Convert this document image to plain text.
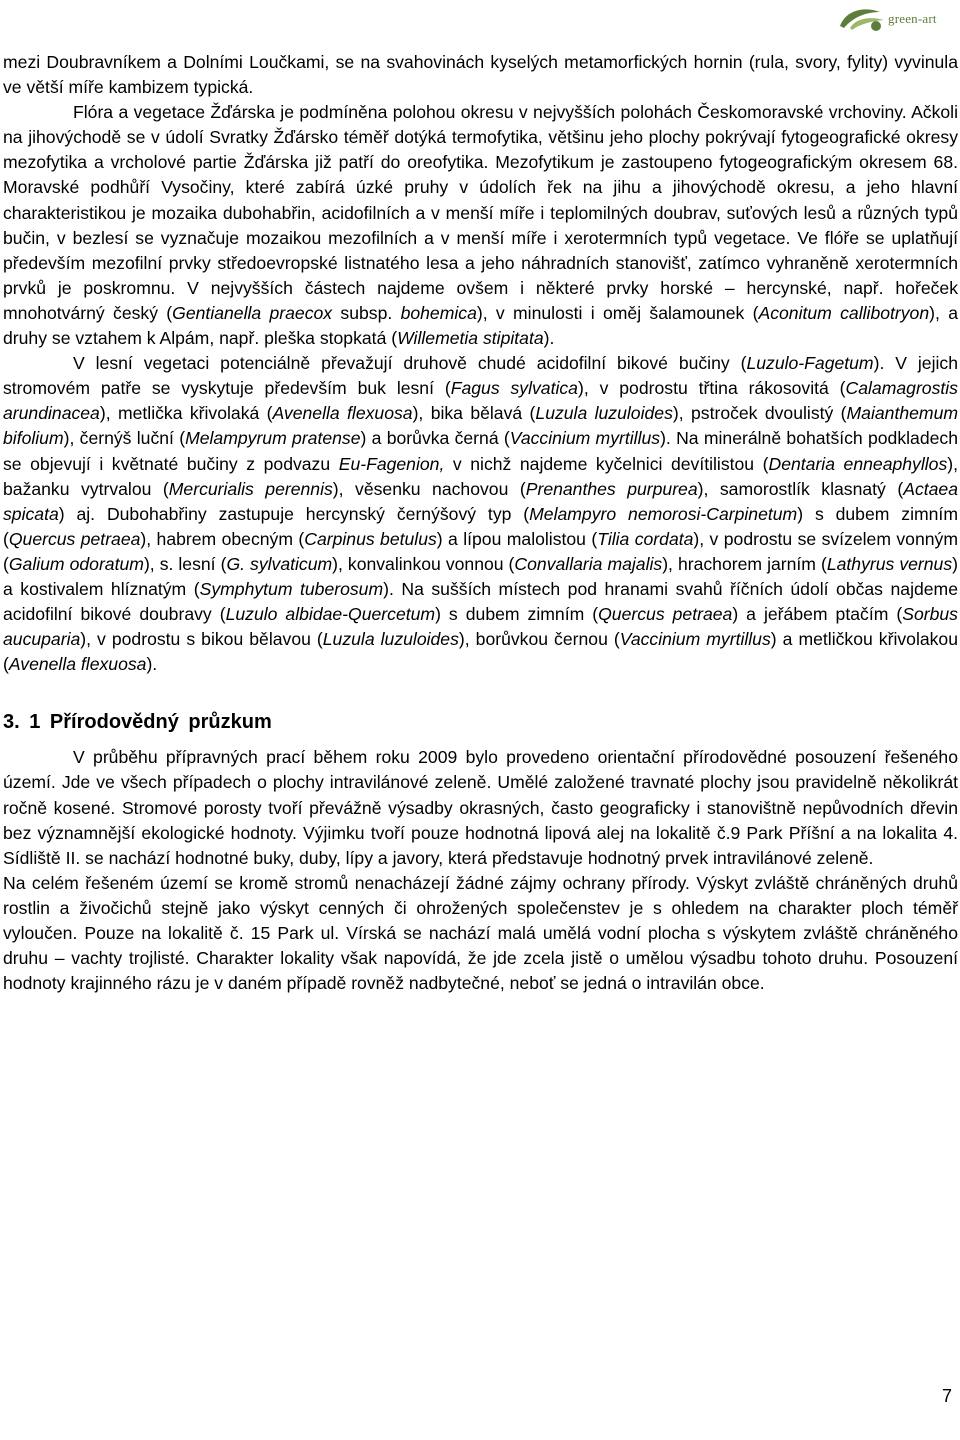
green-art

mezi Doubravníkem a Dolními Loučkami, se na svahovinách kyselých metamorfických hornin (rula, svory, fylity) vyvinula ve větší míře kambizem typická.

Flóra a vegetace Žďárska je podmíněna polohou okresu v nejvyšších polohách Českomoravské vrchoviny. Ačkoli na jihovýchodě se v údolí Svratky Žďársko téměř dotýká termofytika, většinu jeho plochy pokrývají fytogeografické okresy mezofytika a vrcholové partie Žďárska již patří do oreofytika. Mezofytikum je zastoupeno fytogeografickým okresem 68. Moravské podhůří Vysočiny, které zabírá úzké pruhy v údolích řek na jihu a jihovýchodě okresu, a jeho hlavní charakteristikou je mozaika dubohabřin, acidofilních a v menší míře i teplomilných doubrav, suťových lesů a různých typů bučin, v bezlesí se vyznačuje mozaikou mezofilních a v menší míře i xerotermních typů vegetace. Ve flóře se uplatňují především mezofilní prvky středoevropské listnatého lesa a jeho náhradních stanovišť, zatímco vyhraněně xerotermních prvků je poskromnu. V nejvyšších částech najdeme ovšem i některé prvky horské – hercynské, např. hořeček mnohotvárný český (Gentianella praecox subsp. bohemica), v minulosti i oměj šalamounek (Aconitum callibotryon), a druhy se vztahem k Alpám, např. pleška stopkatá (Willemetia stipitata).

V lesní vegetaci potenciálně převažují druhově chudé acidofilní bikové bučiny (Luzulo-Fagetum). V jejich stromovém patře se vyskytuje především buk lesní (Fagus sylvatica), v podrostu třtina rákosovitá (Calamagrostis arundinacea), metlička křivolaká (Avenella flexuosa), bika bělavá (Luzula luzuloides), pstroček dvoulistý (Maianthemum bifolium), černýš luční (Melampyrum pratense) a borůvka černá (Vaccinium myrtillus). Na minerálně bohatších podkladech se objevují i květnaté bučiny z podvazu Eu-Fagenion, v nichž najdeme kyčelnici devítilistou (Dentaria enneaphyllos), bažanku vytrvalou (Mercurialis perennis), věsenku nachovou (Prenanthes purpurea), samorostlík klasnatý (Actaea spicata) aj. Dubohabřiny zastupuje hercynský černýšový typ (Melampyro nemorosi-Carpinetum) s dubem zimním (Quercus petraea), habrem obecným (Carpinus betulus) a lípou malolistou (Tilia cordata), v podrostu se svízelem vonným (Galium odoratum), s. lesní (G. sylvaticum), konvalinkou vonnou (Convallaria majalis), hrachorem jarním (Lathyrus vernus) a kostivalem hlíznatým (Symphytum tuberosum). Na sušších místech pod hranami svahů říčních údolí občas najdeme acidofilní bikové doubravy (Luzulo albidae-Quercetum) s dubem zimním (Quercus petraea) a jeřábem ptačím (Sorbus aucuparia), v podrostu s bikou bělavou (Luzula luzuloides), borůvkou černou (Vaccinium myrtillus) a metličkou křivolakou (Avenella flexuosa).

3. 1 Přírodovědný průzkum

V průběhu přípravných prací během roku 2009 bylo provedeno orientační přírodovědné posouzení řešeného území. Jde ve všech případech o plochy intravilánové zeleně. Umělé založené travnaté plochy jsou pravidelně několikrát ročně kosené. Stromové porosty tvoří převážně výsadby okrasných, často geograficky i stanovištně nepůvodních dřevin bez významnější ekologické hodnoty. Výjimku tvoří pouze hodnotná lipová alej na lokalitě č.9 Park Příšní a na lokalita 4. Sídliště II. se nachází hodnotné buky, duby, lípy a javory, která představuje hodnotný prvek intravilánové zeleně.

Na celém řešeném území se kromě stromů nenacházejí žádné zájmy ochrany přírody. Výskyt zvláště chráněných druhů rostlin a živočichů stejně jako výskyt cenných či ohrožených společenstev je s ohledem na charakter ploch téměř vyloučen. Pouze na lokalitě č. 15 Park ul. Vírská se nachází malá umělá vodní plocha s výskytem zvláště chráněného druhu – vachty trojlisté. Charakter lokality však napovídá, že jde zcela jistě o umělou výsadbu tohoto druhu. Posouzení hodnoty krajinného rázu je v daném případě rovněž nadbytečné, neboť se jedná o intravilán obce.

7
